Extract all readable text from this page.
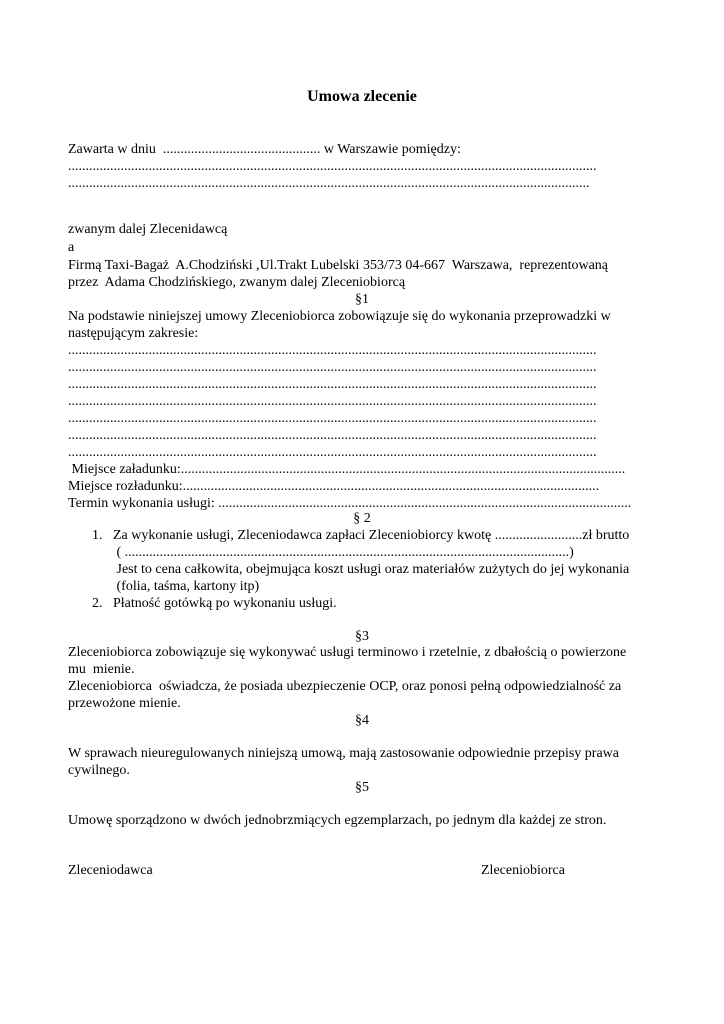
Umowa zlecenie
Zawarta w dniu  ............................................. w Warszawie pomiędzy:
.......................................................................................................................................................
.....................................................................................................................................................
zwanym dalej Zlecenidawcą
a
Firmą Taxi-Bagaż  A.Chodziński ,Ul.Trakt Lubelski 353/73 04-667  Warszawa,  reprezentowaną
przez  Adama Chodzińskiego, zwanym dalej Zleceniobiorcą
§1
Na podstawie niniejszej umowy Zleceniobiorca zobowiązuje się do wykonania przeprowadzki w
następującym zakresie:
.......................................................................................................................................................
.......................................................................................................................................................
.......................................................................................................................................................
.......................................................................................................................................................
.......................................................................................................................................................
.......................................................................................................................................................
.......................................................................................................................................................
Miejsce załadunku:...............................................................................................................................
Miejsce rozładunku:.......................................................................................................................
Termin wykonania usługi: ......................................................................................................................
§ 2
1.   Za wykonanie usługi, Zleceniodawca zapłaci Zleceniobiorcy kwotę .........................zł brutto
( ...............................................................................................................................)
Jest to cena całkowita, obejmująca koszt usługi oraz materiałów zużytych do jej wykonania
(folia, taśma, kartony itp)
2.   Płatność gotówką po wykonaniu usługi.
§3
Zleceniobiorca zobowiązuje się wykonywać usługi terminowo i rzetelnie, z dbałością o powierzone
mu  mienie.
Zleceniobiorca  oświadcza, że posiada ubezpieczenie OCP, oraz ponosi pełną odpowiedzialność za
przewożone mienie.
§4
W sprawach nieuregulowanych niniejszą umową, mają zastosowanie odpowiednie przepisy prawa
cywilnego.
§5
Umowę sporządzono w dwóch jednobrzmiących egzemplarzach, po jednym dla każdej ze stron.
Zleceniodawca	Zleceniobiorca
